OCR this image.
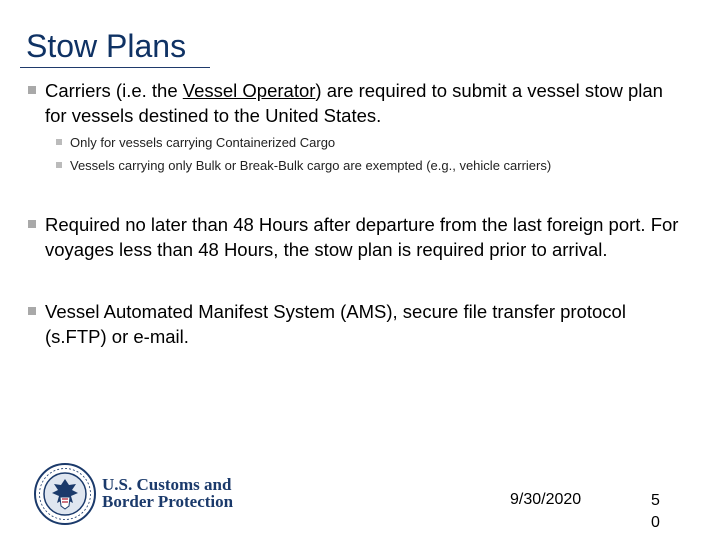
Stow Plans
Carriers (i.e. the Vessel Operator) are required to submit a vessel stow plan for vessels destined to the United States.
Only for vessels carrying Containerized Cargo
Vessels carrying only Bulk or Break-Bulk cargo are exempted (e.g., vehicle carriers)
Required no later than 48 Hours after departure from the last foreign port. For voyages less than 48 Hours, the stow plan is required prior to arrival.
Vessel Automated Manifest System (AMS), secure file transfer protocol (s.FTP) or e-mail.
U.S. Customs and
Border Protection	9/30/2020	50
